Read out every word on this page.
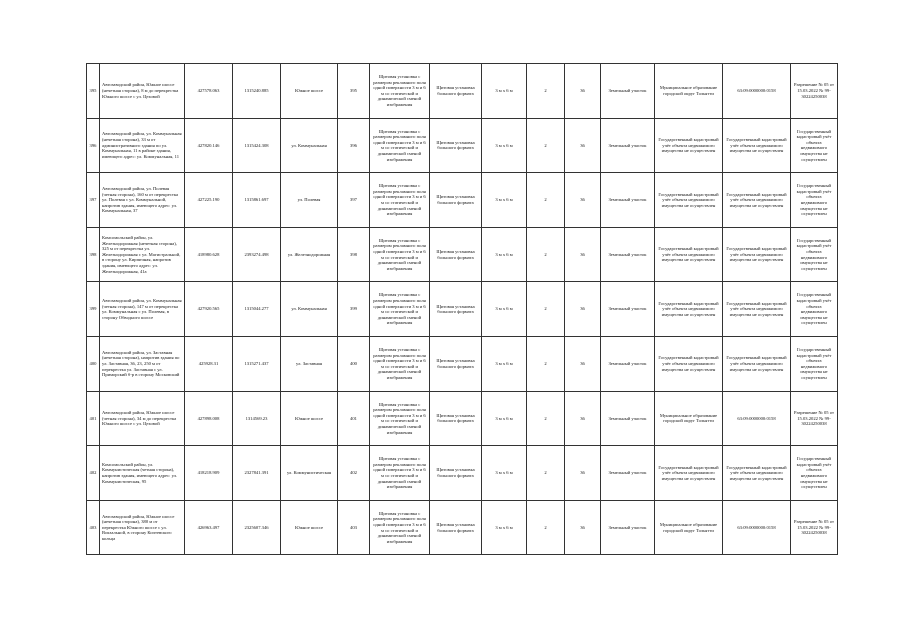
395	Автозаводский район, Южное шоссе (нечетная сторона), 8 м до перекрестка Южного шоссе с ул. Цеховой	427578.063	1315240.885	Южное шоссе	395	Щитовая установка с размером рекламного поля одной поверхности 3 м и 6 м со статической и динамической сменой изображения	Щитовая установка большого формата	3 м х 6 м	2	36	Земельный участок	Муниципальное образование городской округ Тольятти	63:09:0000000:0158	Разрешение № 05 от 15.03.2022 № 99-30224250038
396	Автозаводский район, ул. Коммунальная (нечетная сторона), 33 м от административного здания по ул. Коммунальная, 11 в районе здания, имеющего адрес: ул. Коммунальная, 11	427820.146	1315424.308	ул. Коммунальная	396	Щитовая установка с размером рекламного поля одной поверхности 3 м и 6 м со статической и динамической сменой изображения	Щитовая установка большого формата	3 м х 6 м	2	36	Земельный участок	Государственный кадастровый учёт объекта недвижимого имущества не осуществлен	Государственный кадастровый учёт объекта недвижимого имущества не осуществлен	Государственный кадастровый учёт объекта недвижимого имущества не осуществлен
397	Автозаводский район, ул. Полевая (четная сторона), 160 м от перекрестка ул. Полевая с ул. Коммунальной, напротив здания, имеющего адрес: ул. Коммунальная, 37	427225.190	1315861.697	ул. Полевая	397	Щитовая установка с размером рекламного поля одной поверхности 3 м и 6 м со статической и динамической сменой изображения	Щитовая установка большого формата	3 м х 6 м	2	36	Земельный участок	Государственный кадастровый учёт объекта недвижимого имущества не осуществлен	Государственный кадастровый учёт объекта недвижимого имущества не осуществлен	Государственный кадастровый учёт объекта недвижимого имущества не осуществлен
398	Комсомольский район, ул. Железнодорожная (нечетная сторона), 325 м от перекрестка ул. Железнодорожная с ул. Магистральной, в сторону ул. Кирпичная, напротив здания, имеющего адрес: ул. Железнодорожная, 41а	418980.628	2393274.498	ул. Железнодорожная	398	Щитовая установка с размером рекламного поля одной поверхности 3 м и 6 м со статической и динамической сменой изображения	Щитовая установка большого формата	3 м х 6 м	2	36	Земельный участок	Государственный кадастровый учёт объекта недвижимого имущества не осуществлен	Государственный кадастровый учёт объекта недвижимого имущества не осуществлен	Государственный кадастровый учёт объекта недвижимого имущества не осуществлен
399	Автозаводский район, ул. Коммунальная (четная сторона), 147 м от перекрестка ул. Коммунальная с ул. Полевая, в сторону Обводного шоссе	427920.565	1315044.277	ул. Коммунальная	399	Щитовая установка с размером рекламного поля одной поверхности 3 м и 6 м со статической и динамической сменой изображения	Щитовая установка большого формата	3 м х 6 м	2	36	Земельный участок	Государственный кадастровый учёт объекта недвижимого имущества не осуществлен	Государственный кадастровый учёт объекта недвижимого имущества не осуществлен	Государственный кадастровый учёт объекта недвижимого имущества не осуществлен
400	Автозаводский район, ул. Заставная (нечетная сторона), напротив здания по ул. Заставная, 36, 23, 250 м от перекрестка ул. Заставная с ул. Приморский б-р в сторону Московский	425928.31	1315271.437	ул. Заставная	400	Щитовая установка с размером рекламного поля одной поверхности 3 м и 6 м со статической и динамической сменой изображения	Щитовая установка большого формата	3 м х 6 м	2	36	Земельный участок	Государственный кадастровый учёт объекта недвижимого имущества не осуществлен	Государственный кадастровый учёт объекта недвижимого имущества не осуществлен	Государственный кадастровый учёт объекта недвижимого имущества не осуществлен
401	Автозаводский район, Южное шоссе (четная сторона), 34 м до перекрестка Южного шоссе с ул. Цеховой	427898.008	1314569.23	Южное шоссе	401	Щитовая установка с размером рекламного поля одной поверхности 3 м и 6 м со статической и динамической сменой изображения	Щитовая установка большого формата	3 м х 6 м	2	36	Земельный участок	Муниципальное образование городской округ Тольятти	63:09:0000000:0158	Разрешение № 05 от 15.03.2022 № 99-30224250038
402	Комсомольский район, ул. Коммунистическая (четная сторона), напротив здания, имеющего адрес: ул. Коммунистическая, 95	418218.909	2327841.391	ул. Коммунистическая	402	Щитовая установка с размером рекламного поля одной поверхности 3 м и 6 м со статической и динамической сменой изображения	Щитовая установка большого формата	3 м х 6 м	2	36	Земельный участок	Государственный кадастровый учёт объекта недвижимого имущества не осуществлен	Государственный кадастровый учёт объекта недвижимого имущества не осуществлен	Государственный кадастровый учёт объекта недвижимого имущества не осуществлен
403	Автозаводский район, Южное шоссе (нечетная сторона), 380 м от перекрестка Южного шоссе с ул. Вокзальной, в сторону Коптевского кольца	426963.497	2325607.346	Южное шоссе	403	Щитовая установка с размером рекламного поля одной поверхности 3 м и 6 м со статической и динамической сменой изображения	Щитовая установка большого формата	3 м х 6 м	2	36	Земельный участок	Муниципальное образование городской округ Тольятти	63:09:0000000:0158	Разрешение № 05 от 15.03.2022 № 99-30224250038
